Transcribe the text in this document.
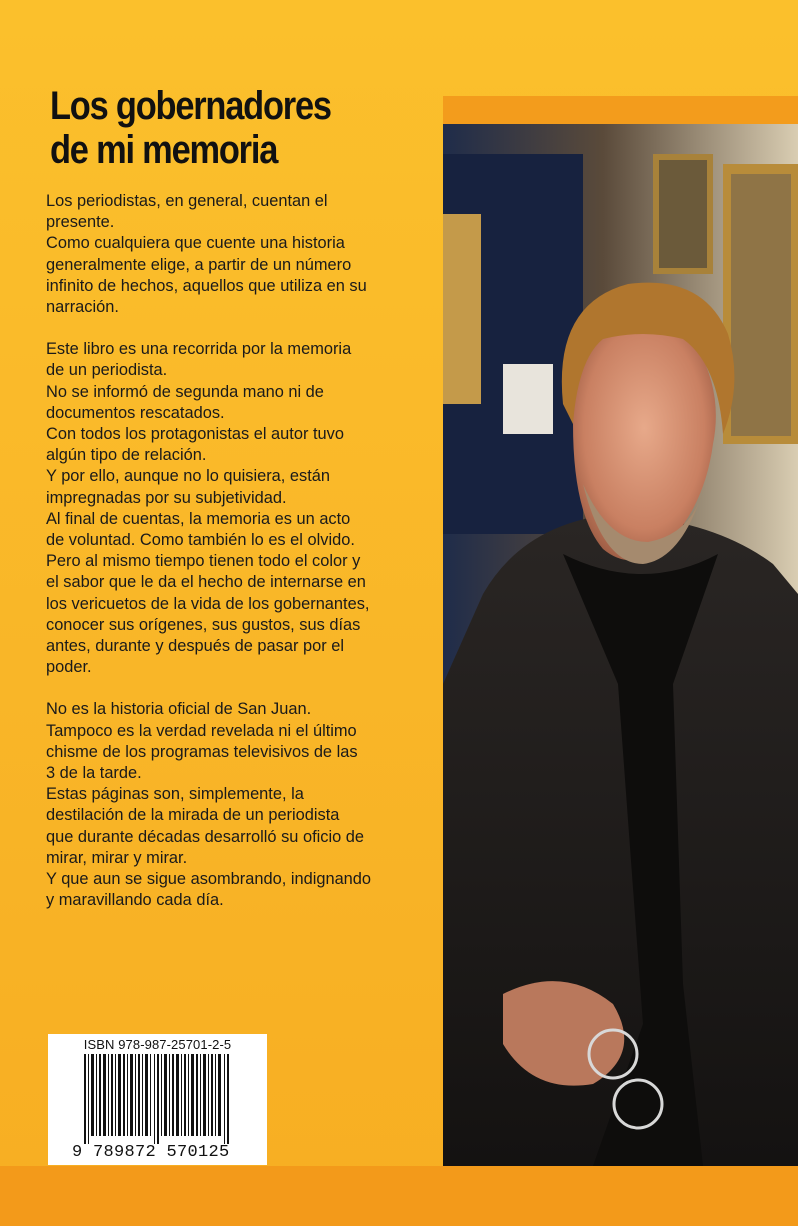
Los gobernadores
de mi memoria

Los periodistas, en general, cuentan el
presente.
Como cualquiera que cuente una historia
generalmente elige, a partir de un número
infinito de hechos, aquellos que utiliza en su
narración.

Este libro es una recorrida por la memoria
de un periodista.
No se informó de segunda mano ni de
documentos rescatados.
Con todos los protagonistas el autor tuvo
algún tipo de relación.
Y por ello, aunque no lo quisiera, están
impregnadas por su subjetividad.
Al final de cuentas, la memoria es un acto
de voluntad. Como también lo es el olvido.
Pero al mismo tiempo tienen todo el color y
el sabor que le da el hecho de internarse en
los vericuetos de la vida de los gobernantes,
conocer sus orígenes, sus gustos, sus días
antes, durante y después de pasar por el
poder.

No es la historia oficial de San Juan.
Tampoco es la verdad revelada ni el último
chisme de los programas televisivos de las
3 de la tarde.
Estas páginas son, simplemente, la
destilación de la mirada de un periodista
que durante décadas desarrolló su oficio de
mirar, mirar y mirar.
Y que aun se sigue asombrando, indignando
y maravillando cada día.

ISBN 978-987-25701-2-5
9 789872 570125
